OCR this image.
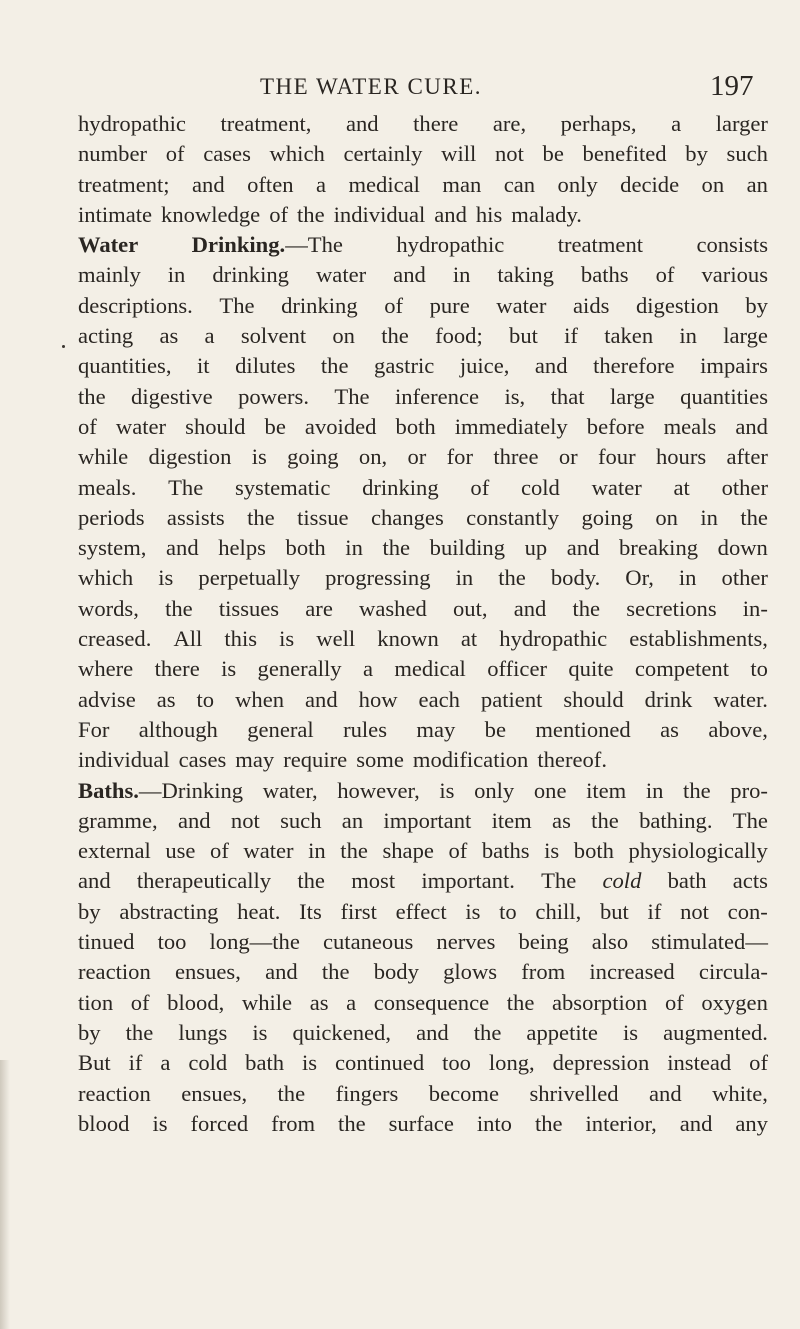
THE WATER CURE.	197
hydropathic treatment, and there are, perhaps, a larger
number of cases which certainly will not be benefited by such
treatment; and often a medical man can only decide on an
intimate knowledge of the individual and his malady.
Water Drinking.—The hydropathic treatment consists
mainly in drinking water and in taking baths of various
descriptions. The drinking of pure water aids digestion by
acting as a solvent on the food; but if taken in large
quantities, it dilutes the gastric juice, and therefore impairs
the digestive powers. The inference is, that large quantities
of water should be avoided both immediately before meals and
while digestion is going on, or for three or four hours after
meals. The systematic drinking of cold water at other
periods assists the tissue changes constantly going on in the
system, and helps both in the building up and breaking down
which is perpetually progressing in the body. Or, in other
words, the tissues are washed out, and the secretions in-
creased. All this is well known at hydropathic establishments,
where there is generally a medical officer quite competent to
advise as to when and how each patient should drink water.
For although general rules may be mentioned as above,
individual cases may require some modification thereof.
Baths.—Drinking water, however, is only one item in the pro-
gramme, and not such an important item as the bathing. The
external use of water in the shape of baths is both physiologically
and therapeutically the most important. The cold bath acts
by abstracting heat. Its first effect is to chill, but if not con-
tinued too long—the cutaneous nerves being also stimulated—
reaction ensues, and the body glows from increased circula-
tion of blood, while as a consequence the absorption of oxygen
by the lungs is quickened, and the appetite is augmented.
But if a cold bath is continued too long, depression instead of
reaction ensues, the fingers become shrivelled and white,
blood is forced from the surface into the interior, and any
